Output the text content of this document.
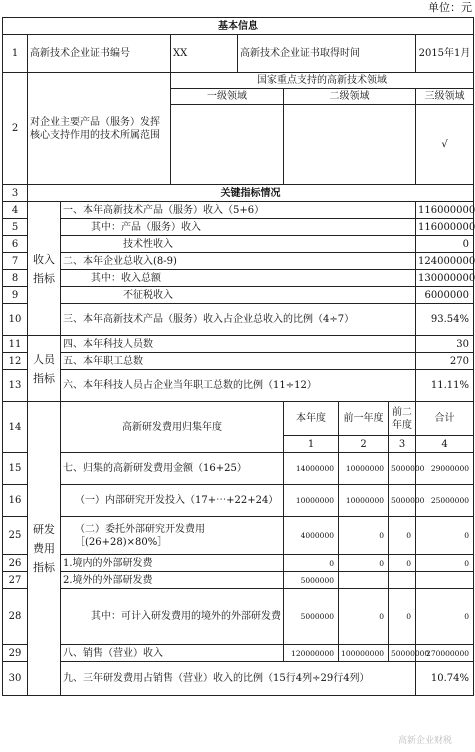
单位：元
基本信息								
1	高新技术企业证书编号		XX	高新技术企业证书取得时间				2015年1月
2	对企业主要产品（服务）发挥核心支持作用的技术所属范围		国家重点支持的高新技术领域					
			一级领域		二级领域			三级领域
								√
3	关键指标情况							
4	收入指标	一、本年高新技术产品（服务）收入（5+6）						116000000
5		其中：产品（服务）收入						116000000
6		技术性收入						0
7		二、本年企业总收入(8-9)						124000000
8		其中：收入总额						130000000
9		不征税收入						6000000
10		三、本年高新技术产品（服务）收入占企业总收入的比例（4÷7）						93.54%
11	人员指标	四、本年科技人员数						30
12		五、本年职工总数						270
13		六、本年科技人员占企业当年职工总数的比例（11÷12）						11.11%
14	研发费用指标	高新研发费用归集年度			本年度	前一年度	前二年度	合计
					1	2	3	4
15		七、归集的高新研发费用金额（16+25）			14000000	10000000	5000000	29000000
16		（一）内部研究开发投入（17+⋯+22+24）			10000000	10000000	5000000	25000000
25		（二）委托外部研究开发费用［(26+28)×80%］			4000000	0	0	0
26		1.境内的外部研发费			0	0	0	0
27		2.境外的外部研发费			5000000			
28		其中：可计入研发费用的境外的外部研发费			5000000	0	0	0
29		八、销售（营业）收入			120000000	100000000	50000000	270000000
30		九、三年研发费用占销售（营业）收入的比例（15行4列÷29行4列）						10.74%
高新企业财税
